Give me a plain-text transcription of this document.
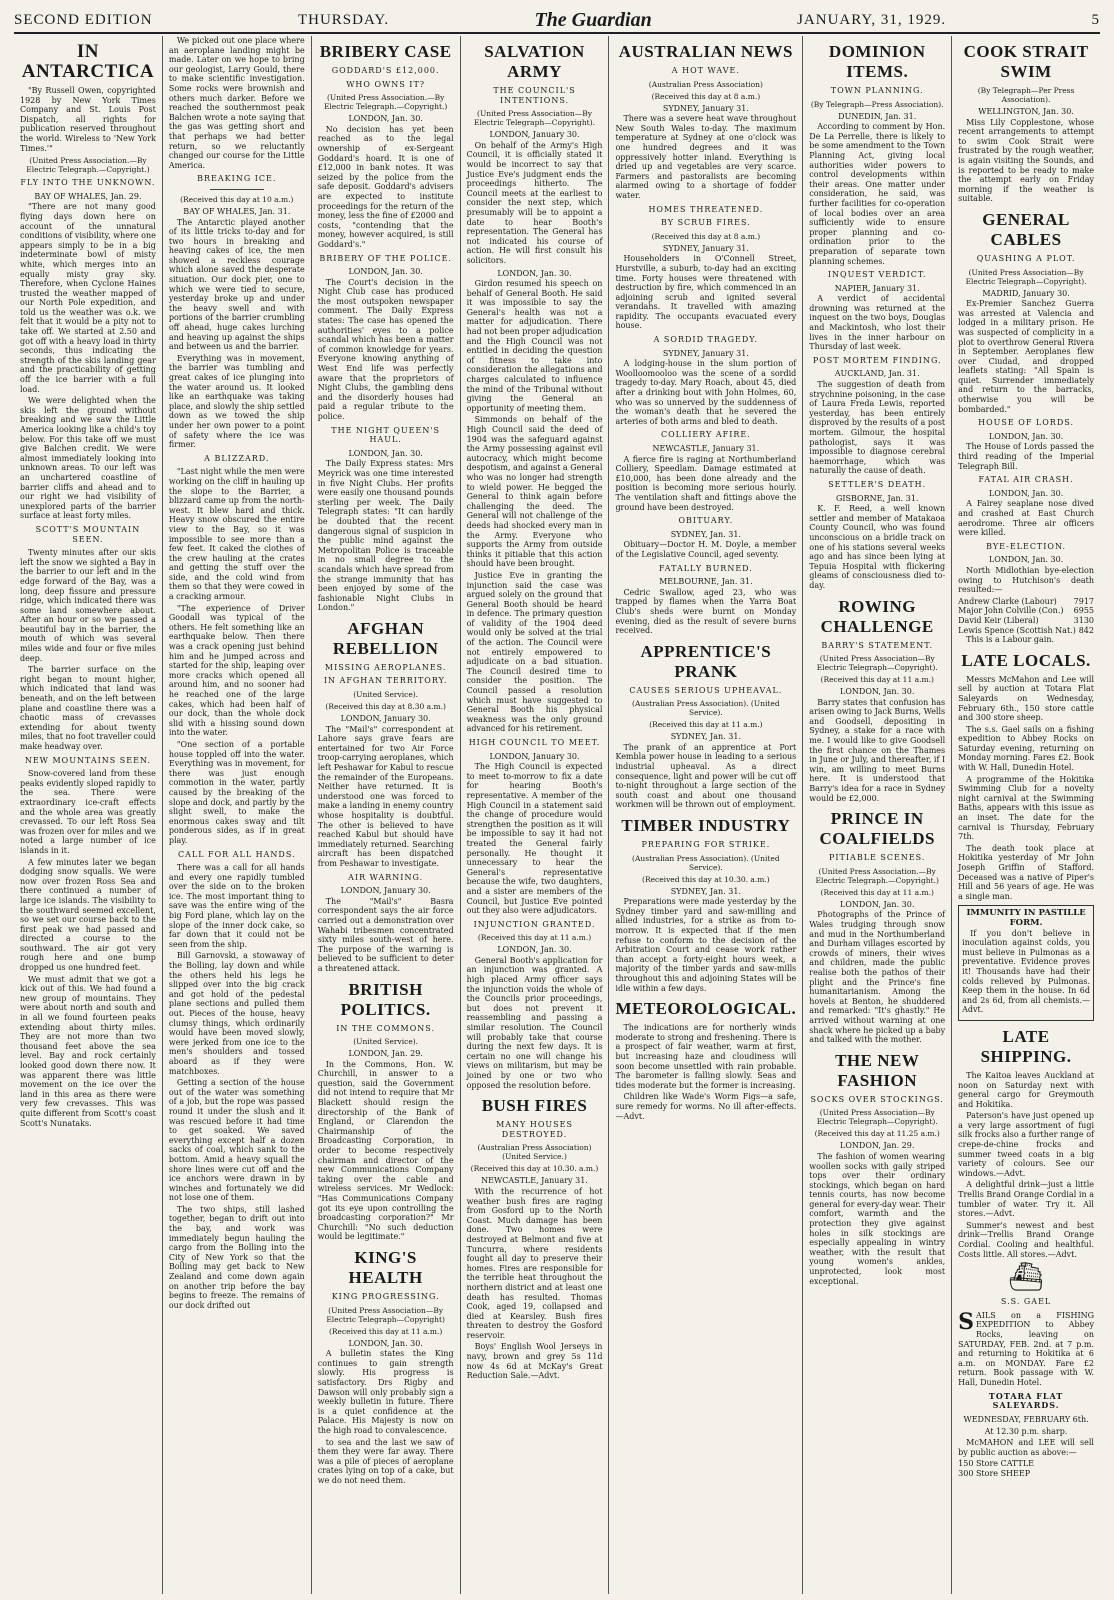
SECOND EDITION	THURSDAY.	The Guardian	JANUARY, 31, 1929.	5
IN ANTARCTICA

"By Russell Owen, copyrighted 1928 by New York Times Company and St. Louis Post Dispatch, all rights for publication reserved throughout the world. Wireless to 'New York Times.'"

(United Press Association.—By Electric Telegraph.—Copyright.)
FLY INTO THE UNKNOWN.
BAY OF WHALES, Jan. 29.

"There are not many good flying days down here on account of the unnatural conditions of visibility, where one appears simply to be in a big indeterminate bowl of misty white, which merges into an equally misty gray sky. Therefore, when Cyclone Haines trusted the weather mapped of our North Pole expedition, and told us the weather was o.k. we felt that it would be a pity not to take off. We started at 2.50 and got off with a heavy load in thirty seconds, thus indicating the strength of the skis landing gear and the practicability of getting off the ice barrier with a full load.

We were delighted when the skis left the ground without breaking and we saw the Little America looking like a child's toy below. For this take off we must give Balchen credit. We were almost immediately looking into unknown areas. To our left was an unchartered coastline of barrier cliffs and ahead and to our right we had visibility of unexplored parts of the barrier surface at least forty miles.

SCOTT'S MOUNTAIN SEEN.

Twenty minutes after our skis left the snow we sighted a Bay in the barrier to our left and in the edge forward of the Bay, was a long, deep fissure and pressure ridge, which indicated there was some land somewhere about. After an hour or so we passed a beautiful bay in the barrier, the mouth of which was several miles wide and four or five miles deep.

The barrier surface on the right began to mount higher, which indicated that land was beneath, and on the left between plane and coastline there was a chaotic mass of crevasses extending for about twenty miles, that no foot traveller could make headway over.

NEW MOUNTAINS SEEN.

Snow-covered land from these peaks evidently sloped rapidly to the sea. There were extraordinary ice-craft effects and the whole area was greatly crevassed. To our left Ross Sea was frozen over for miles and we noted a large number of ice islands in it.

A few minutes later we began dodging snow squalls. We were now over frozen Ross Sea and there continued a number of large ice islands. The visibility to the southward seemed excellent, so we set our course back to the first peak we had passed and directed a course to the southward. The air got very rough here and one bump dropped us one hundred feet.

We must admit that we got a kick out of this. We had found a new group of mountains. They were about north and south and in all we found fourteen peaks extending about thirty miles. They are not more than two thousand feet above the sea level. Bay and rock certainly looked good down there now. It was apparent there was little movement on the ice over the land in this area as there were very few crevasses. This was quite different from Scott's coast Scott's Nunataks.

We picked out one place where an aeroplane landing might be made. Later on we hope to bring our geologist, Larry Gould, there to make scientific investigation. Some rocks were brownish and others much darker. Before we reached the southernmost peak Balchen wrote a note saying that the gas was getting short and that perhaps we had better return, so we reluctantly changed our course for the Little America.

BREAKING ICE.
(Received this day at 10 a.m.)
BAY OF WHALES, Jan. 31.

The Antarctic played another of its little tricks to-day and for two hours in breaking and heaving cakes of ice, the men showed a reckless courage which alone saved the desperate situation. Our dock pier, one to which we were tied to secure, yesterday broke up and under the heavy swell and with portions of the barrier crumbling off ahead, huge cakes lurching and heaving up against the ships and between us and the barrier.

Everything was in movement, the barrier was tumbling and great cakes of ice plunging into the water around us. It looked like an earthquake was taking place, and slowly the ship settled down as we towed the ship under her own power to a point of safety where the ice was firmer.

A BLIZZARD.

"Last night while the men were working on the cliff in hauling up the slope to the Barrier, a blizzard came up from the north-west. It blew hard and thick. Heavy snow obscured the entire view to the Bay, so it was impossible to see more than a few feet. It caked the clothes of the crew hauling at the crates and getting the stuff over the side, and the cold wind from them so that they were cowed in a cracking armour.

"The experience of Driver Goodall was typical of the others. He felt something like an earthquake below. Then there was a crack opening just behind him and he jumped across and started for the ship, leaping over more cracks which opened all around him, and no sooner had he reached one of the large cakes, which had been half of our dock, than the whole dock slid with a hissing sound down into the water.

"One section of a portable house toppled off into the water. Everything was in movement, for there was just enough commotion in the water, partly caused by the breaking of the slope and dock, and partly by the slight swell, to make the enormous cakes sway and tilt ponderous sides, as if in great play.

CALL FOR ALL HANDS.

There was a call for all hands and every one rapidly tumbled over the side on to the broken ice. The most important thing to save was the entire wing of the big Ford plane, which lay on the slope of the inner dock cake, so far down that it could not be seen from the ship.

Bill Garnovski, a stowaway of the Bolling, lay down and while the others held his legs he slipped over into the big crack and got hold of the pedestal plane sections and pulled them out. Pieces of the house, heavy clumsy things, which ordinarily would have been moved slowly, were jerked from one ice to the men's shoulders and tossed aboard as if they were matchboxes.

Getting a section of the house out of the water was something of a job, but the rope was passed round it under the slush and it was rescued before it had time to get soaked. We saved everything except half a dozen sacks of coal, which sank to the bottom. Amid a heavy squall the shore lines were cut off and the ice anchors were drawn in by winches and fortunately we did not lose one of them.

The two ships, still lashed together, began to drift out into the bay, and work was immediately begun hauling the cargo from the Bolling into the City of New York so that the Bolling may get back to New Zealand and come down again on another trip before the bay begins to freeze. The remains of our dock drifted out

BRIBERY CASE
GODDARD'S £12,000.
WHO OWNS IT?
(United Press Association.—By Electric Telegraph.—Copyright.)
LONDON, Jan. 30.

No decision has yet been reached as to the legal ownership of ex-Sergeant Goddard's hoard. It is one of £12,000 in bank notes. It was seized by the police from the safe deposit. Goddard's advisers are expected to institute proceedings for the return of the money, less the fine of £2000 and costs, "contending that the money, however acquired, is still Goddard's."

BRIBERY OF THE POLICE.
LONDON, Jan. 30.

The Court's decision in the Night Club case has produced the most outspoken newspaper comment. The Daily Express states: The case has opened the authorities' eyes to a police scandal which has been a matter of common knowledge for years. Everyone knowing anything of West End life was perfectly aware that the proprietors of Night Clubs, the gambling dens and the disorderly houses had paid a regular tribute to the police.

THE NIGHT QUEEN'S HAUL.
LONDON, Jan. 30.

The Daily Express states: Mrs Meyrick was one time interested in five Night Clubs. Her profits were easily one thousand pounds sterling per week. The Daily Telegraph states: "It can hardly be doubted that the recent dangerous signal of suspicion in the public mind against the Metropolitan Police is traceable in no small degree to the scandals which have spread from the strange immunity that has been enjoyed by some of the fashionable Night Clubs in London."

AFGHAN REBELLION
MISSING AEROPLANES.
IN AFGHAN TERRITORY.
(United Service).
(Received this day at 8.30 a.m.)
LONDON, January 30.

The "Mail's" correspondent at Lahore says grave fears are entertained for two Air Force troop-carrying aeroplanes, which left Peshawar for Kabul to rescue the remainder of the Europeans. Neither have returned. It is understood one was forced to make a landing in enemy country whose hospitality is doubtful. The other is believed to have reached Kabul but should have immediately returned. Searching aircraft has been dispatched from Peshawar to investigate.

AIR WARNING.
LONDON, January 30.

The "Mail's" Basra correspondent says the air force carried out a demonstration over Wahabi tribesmen concentrated sixty miles south-west of here. The purpose of the warning is believed to be sufficient to deter a threatened attack.

BRITISH POLITICS.
IN THE COMMONS.
(United Service).
LONDON, Jan. 29.

In the Commons, Hon. W. Churchill, in answer to a question, said the Government did not intend to require that Mr Blackett should resign the directorship of the Bank of England, or Clarendon the Chairmanship of the Broadcasting Corporation, in order to become respectively chairman and director of the new Communications Company taking over the cable and wireless services. Mr Wedlock: "Has Communications Company got its eye upon controlling the broadcasting corporation?" Mr Churchill: "No such deduction would be legitimate."

KING'S HEALTH
KING PROGRESSING.
(United Press Association—By Electric Telegraph—Copyright)
(Received this day at 11 a.m.)
LONDON, Jan. 30.

A bulletin states the King continues to gain strength slowly. His progress is satisfactory. Drs Rigby and Dawson will only probably sign a weekly bulletin in future. There is a quiet confidence at the Palace. His Majesty is now on the high road to convalescence.

to sea and the last we saw of them they were far away. There was a pile of pieces of aeroplane crates lying on top of a cake, but we do not need them.

SALVATION ARMY
THE COUNCIL'S INTENTIONS.
(United Press Association—By Electric Telegraph—Copyright).
LONDON, January 30.

On behalf of the Army's High Council, it is officially stated it would be incorrect to say that Justice Eve's judgment ends the proceedings hitherto. The Council meets at the earliest to consider the next step, which presumably will be to appoint a date to hear Booth's representation. The General has not indicated his course of action. He will first consult his solicitors.

LONDON, Jan. 30.

Girdon resumed his speech on behalf of General Booth. He said it was impossible to say the General's health was not a matter for adjudication. There had not been proper adjudication and the High Council was not entitled in deciding the question of fitness to take into consideration the allegations and charges calculated to influence the mind of the Tribunal without giving the General an opportunity of meeting them.

Simmonds on behalf of the High Council said the deed of 1904 was the safeguard against the Army possessing against evil autocracy, which might become despotism, and against a General who was no longer had strength to wield power. He begged the General to think again before challenging the deed. The General will not challenge of the deeds had shocked every man in the Army. Everyone who supports the Army from outside thinks it pitiable that this action should have been brought.

Justice Eve in granting the injunction said the case was argued solely on the ground that General Booth should be heard in defence. The primary question of validity of the 1904 deed would only be solved at the trial of the action. The Council were not entirely empowered to adjudicate on a bad situation. The Council desired time to consider the position. The Council passed a resolution which must have suggested to General Booth his physical weakness was the only ground advanced for his retirement.

HIGH COUNCIL TO MEET.
LONDON, January 30.

The High Council is expected to meet to-morrow to fix a date for hearing Booth's representative. A member of the High Council in a statement said the change of procedure would strengthen the position as it will be impossible to say it had not treated the General fairly personally. He thought it unnecessary to hear the General's representative because the wife, two daughters, and a sister are members of the Council, but Justice Eve pointed out they also were adjudicators.

INJUNCTION GRANTED.
(Received this day at 11 a.m.)
LONDON, Jan. 30.

General Booth's application for an injunction was granted. A high placed Army officer says the injunction voids the whole of the Councils prior proceedings, but does not prevent it reassembling and passing a similar resolution. The Council will probably take that course during the next few days. It is certain no one will change his views on militarism, but may be joined by one or two who opposed the resolution before.

BUSH FIRES
MANY HOUSES DESTROYED.
(Australian Press Association) (United Service.)
(Received this day at 10.30. a.m.)
NEWCASTLE, January 31.

With the recurrence of hot weather bush fires are raging from Gosford up to the North Coast. Much damage has been done. Two homes were destroyed at Belmont and five at Tuncurra, where residents fought all day to preserve their homes. Fires are responsible for the terrible heat throughout the northern district and at least one death has resulted. Thomas Cook, aged 19, collapsed and died at Kearsley. Bush fires threaten to destroy the Gosford reservoir.

Boys' English Wool Jerseys in navy, brown and grey 5s 11d now 4s 6d at McKay's Great Reduction Sale.—Advt.

AUSTRALIAN NEWS
A HOT WAVE.
(Australian Press Association)
(Received this day at 8 a.m.)
SYDNEY, January 31.

There was a severe heat wave throughout New South Wales to-day. The maximum temperature at Sydney at one o'clock was one hundred degrees and it was oppressively hotter inland. Everything is dried up and vegetables are very scarce. Farmers and pastoralists are becoming alarmed owing to a shortage of fodder water.

HOMES THREATENED.
BY SCRUB FIRES.
(Received this day at 8 a.m.)
SYDNEY, January 31.

Householders in O'Connell Street, Hurstville, a suburb, to-day had an exciting time. Forty houses were threatened with destruction by fire, which commenced in an adjoining scrub and ignited several verandahs. It travelled with amazing rapidity. The occupants evacuated every house.

A SORDID TRAGEDY.
SYDNEY, January 31.

A lodging-house in the slum portion of Woolloomooloo was the scene of a sordid tragedy to-day. Mary Roach, about 45, died after a drinking bout with John Holmes, 60, who was so unnerved by the suddenness of the woman's death that he severed the arteries of both arms and bled to death.

COLLIERY AFIRE.
NEWCASTLE, January 31.

A fierce fire is raging at Northumberland Colliery, Speedlam. Damage estimated at £10,000, has been done already and the position is becoming more serious hourly. The ventilation shaft and fittings above the ground have been destroyed.

OBITUARY.
SYDNEY, Jan. 31.

Obituary—Doctor H. M. Doyle, a member of the Legislative Council, aged seventy.

FATALLY BURNED.
MELBOURNE, Jan. 31.

Cedric Swallow, aged 23, who was trapped by flames when the Yarra Boat Club's sheds were burnt on Monday evening, died as the result of severe burns received.

APPRENTICE'S PRANK
CAUSES SERIOUS UPHEAVAL.
(Australian Press Association). (United Service).
(Received this day at 11 a.m.)
SYDNEY, Jan. 31.

The prank of an apprentice at Port Kembla power house in leading to a serious industrial upheaval. As a direct consequence, light and power will be cut off to-night throughout a large section of the south coast and about one thousand workmen will be thrown out of employment.

TIMBER INDUSTRY
PREPARING FOR STRIKE.
(Australian Press Association). (United Service).
(Received this day at 10.30. a.m.)
SYDNEY, Jan. 31.

Preparations were made yesterday by the Sydney timber yard and saw-milling and allied industries, for a strike as from to-morrow. It is expected that if the men refuse to conform to the decision of the Arbitration Court and cease work rather than accept a forty-eight hours week, a majority of the timber yards and saw-mills throughout this and adjoining States will be idle within a few days.

METEOROLOGICAL.

The indications are for northerly winds moderate to strong and freshening. There is a prospect of fair weather, warm at first, but increasing haze and cloudiness will soon become unsettled with rain probable. The barometer is falling slowly. Seas and tides moderate but the former is increasing.

Children like Wade's Worm Figs—a safe, sure remedy for worms. No ill after-effects.—Advt.

DOMINION ITEMS.
TOWN PLANNING.
(By Telegraph—Press Association).
DUNEDIN, Jan. 31.

According to comment by Hon. De La Perrelle, there is likely to be some amendment to the Town Planning Act, giving local authorities wider powers to control developments within their areas. One matter under consideration, he said, was further facilities for co-operation of local bodies over an area sufficiently wide to ensure proper planning and co-ordination prior to the preparation of separate town planning schemes.

INQUEST VERDICT.
NAPIER, January 31.

A verdict of accidental drowning was returned at the inquest on the two boys, Douglas and Mackintosh, who lost their lives in the inner harbour on Thursday of last week.

POST MORTEM FINDING.
AUCKLAND, Jan. 31.

The suggestion of death from strychnine poisoning, in the case of Laura Freda Lewis, reported yesterday, has been entirely disproved by the results of a post mortem. Gilmour, the hospital pathologist, says it was impossible to diagnose cerebral haemorrhage, which was naturally the cause of death.

SETTLER'S DEATH.
GISBORNE, Jan. 31.

K. F. Reed, a well known settler and member of Matakaoa County Council, who was found unconscious on a bridle track on one of his stations several weeks ago and has since been lying at Tepuia Hospital with flickering gleams of consciousness died to-day.

ROWING CHALLENGE
BARRY'S STATEMENT.
(United Press Association—By Electric Telegraph—Copyright).
(Received this day at 11 a.m.)
LONDON, Jan. 30.

Barry states that confusion has arisen owing to Jack Burns, Wells and Goodsell, depositing in Sydney, a stake for a race with me. I would like to give Goodsell the first chance on the Thames in June or July, and thereafter, if I win, am willing to meet Burns here. It is understood that Barry's idea for a race in Sydney would be £2,000.

PRINCE IN COALFIELDS
PITIABLE SCENES.
(United Press Association.—By Electric Telegraph.—Copyright.)
(Received this day at 11 a.m.)
LONDON, Jan. 30.

Photographs of the Prince of Wales trudging through snow and mud in the Northumberland and Durham villages escorted by crowds of miners, their wives and children, made the public realise both the pathos of their plight and the Prince's fine humanitarianism. Among the hovels at Benton, he shuddered and remarked: "It's ghastly." He arrived without warning at one shack where he picked up a baby and talked with the mother.

THE NEW FASHION
SOCKS OVER STOCKINGS.
(United Press Association—By Electric Telegraph—Copyright).
(Received this day at 11.25 a.m.)
LONDON, Jan. 29.

The fashion of women wearing woollen socks with gaily striped tops over their ordinary stockings, which began on hard tennis courts, has now become general for every-day wear. Their comfort, warmth and the protection they give against holes in silk stockings are especially appealing in wintry weather, with the result that young women's ankles, unprotected, look most exceptional.

COOK STRAIT SWIM
(By Telegraph—Per Press Association).
WELLINGTON, Jan. 30.

Miss Lily Copplestone, whose recent arrangements to attempt to swim Cook Strait were frustrated by the rough weather, is again visiting the Sounds, and is reported to be ready to make the attempt early on Friday morning if the weather is suitable.

GENERAL CABLES
QUASHING A PLOT.
(United Press Association—By Electric Telegraph—Copyright).
MADRID, January 30.

Ex-Premier Sanchez Guerra was arrested at Valencia and lodged in a military prison. He was suspected of complicity in a plot to overthrow General Rivera in September. Aeroplanes flew over Ciudad, and dropped leaflets stating: "All Spain is quiet. Surrender immediately and return to the barracks, otherwise you will be bombarded."

HOUSE OF LORDS.
LONDON, Jan. 30.

The House of Lords passed the third reading of the Imperial Telegraph Bill.

FATAL AIR CRASH.
LONDON, Jan. 30.

A Fairey seaplane nose dived and crashed at East Church aerodrome. Three air officers were killed.

BYE-ELECTION.
LONDON, Jan. 30.

North Midlothian bye-election owing to Hutchison's death resulted:—

Andrew Clarke (Labour) 7917
Major John Colville (Con.) 6955
David Keir (Liberal)	3130
Lewis Spence (Scottish Nat.) 842

This is a Labour gain.

LATE LOCALS.

Messrs McMahon and Lee will sell by auction at Totara Flat Saleyards on Wednesday, February 6th., 150 store cattle and 300 store sheep.

The s.s. Gael sails on a fishing expedition to Abbey Rocks on Saturday evening, returning on Monday morning. Fares £2. Book with W. Hall, Dunedin Hotel.

A programme of the Hokitika Swimming Club for a novelty night carnival at the Swimming Baths, appears with this issue as an inset. The date for the carnival is Thursday, February 7th.

The death took place at Hokitika yesterday of Mr John Joseph Griffin of Stafford. Deceased was a native of Piper's Hill and 56 years of age. He was a single man.

IMMUNITY IN PASTILLE FORM.

If you don't believe in inoculation against colds, you must believe in Pulmonas as a preventative. Evidence proves it! Thousands have had their colds relieved by Pulmonas. Keep them in the house. In 6d and 2s 6d, from all chemists.—Advt.

LATE SHIPPING.

The Kaitoa leaves Auckland at noon on Saturday next with general cargo for Greymouth and Hokitika.

Paterson's have just opened up a very large assortment of fugi silk frocks also a further range of crepe-de-chine frocks and summer tweed coats in a big variety of colours. See our windows.—Advt.

A delightful drink—just a little Trellis Brand Orange Cordial in a tumbler of water. Try it. All stores.—Advt.

Summer's newest and best drink—Trellis Brand Orange Cordial. Cooling and healthful. Costs little. All stores.—Advt.

⛴
S.S. GAEL
S AILS on a FISHING EXPEDITION to Abbey Rocks, leaving on SATURDAY, FEB. 2nd. at 7 p.m. and returning to Hokitika at 6 a.m. on MONDAY. Fare £2 return. Book passage with W. Hall, Dunedin Hotel.
TOTARA FLAT SALEYARDS.
WEDNESDAY, FEBRUARY 6th.
At 12.30 p.m. sharp.

McMAHON and LEE will sell by public auction as above:—

150 Store CATTLE
300 Store SHEEP
